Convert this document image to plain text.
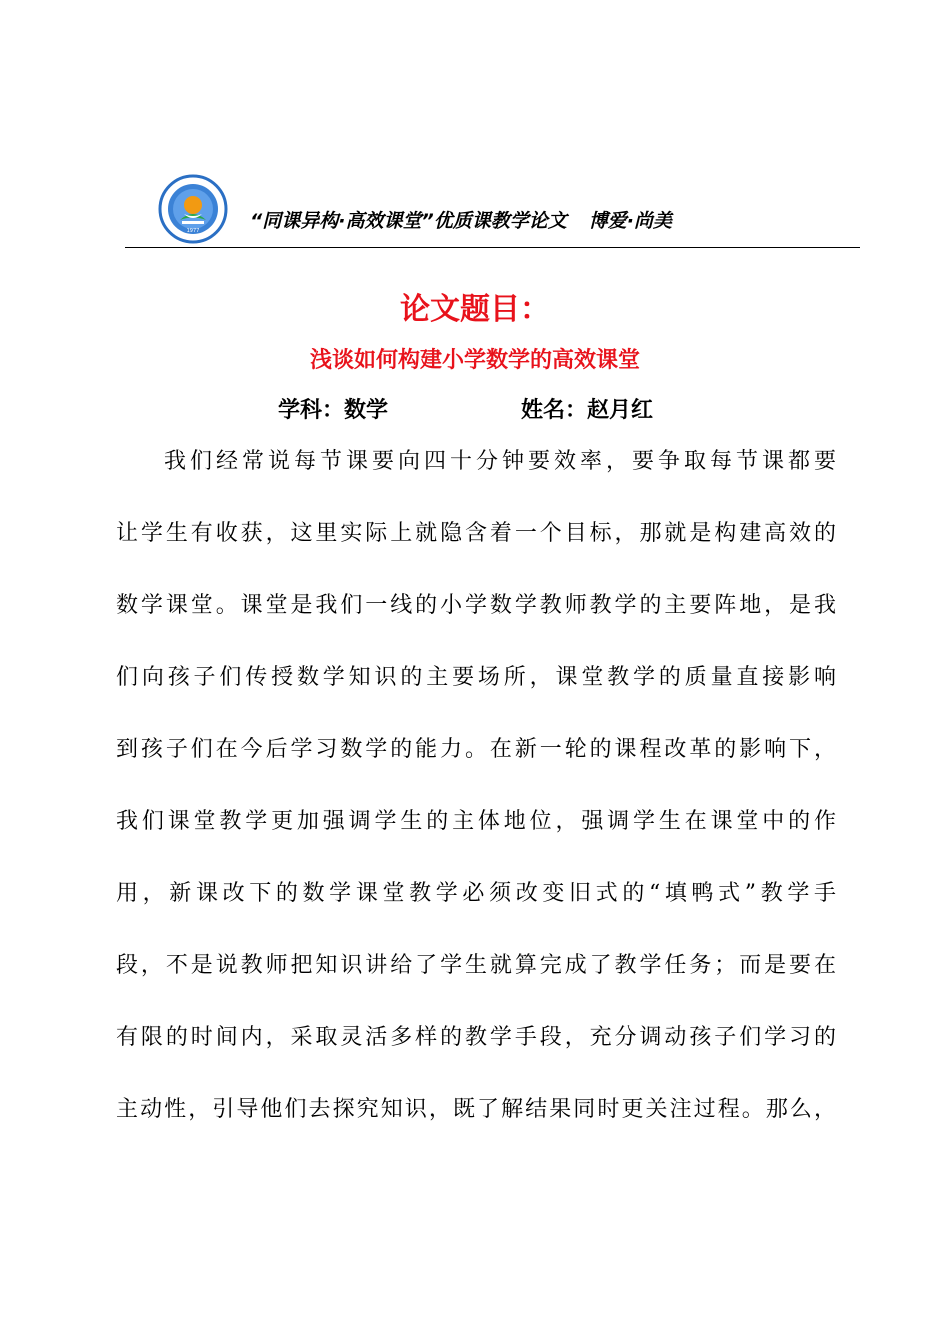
1977	“同课异构·高效课堂”优质课教学论文 博爱·尚美
论文题目：
浅谈如何构建小学数学的高效课堂
学科：数学	姓名：赵月红
我们经常说每节课要向四十分钟要效率，要争取每节课都要
让学生有收获，这里实际上就隐含着一个目标，那就是构建高效的
数学课堂。课堂是我们一线的小学数学教师教学的主要阵地，是我
们向孩子们传授数学知识的主要场所，课堂教学的质量直接影响
到孩子们在今后学习数学的能力。在新一轮的课程改革的影响下，
我们课堂教学更加强调学生的主体地位，强调学生在课堂中的作
用，新课改下的数学课堂教学必须改变旧式的“填鸭式”教学手
段，不是说教师把知识讲给了学生就算完成了教学任务；而是要在
有限的时间内，采取灵活多样的教学手段，充分调动孩子们学习的
主动性，引导他们去探究知识，既了解结果同时更关注过程。那么，
